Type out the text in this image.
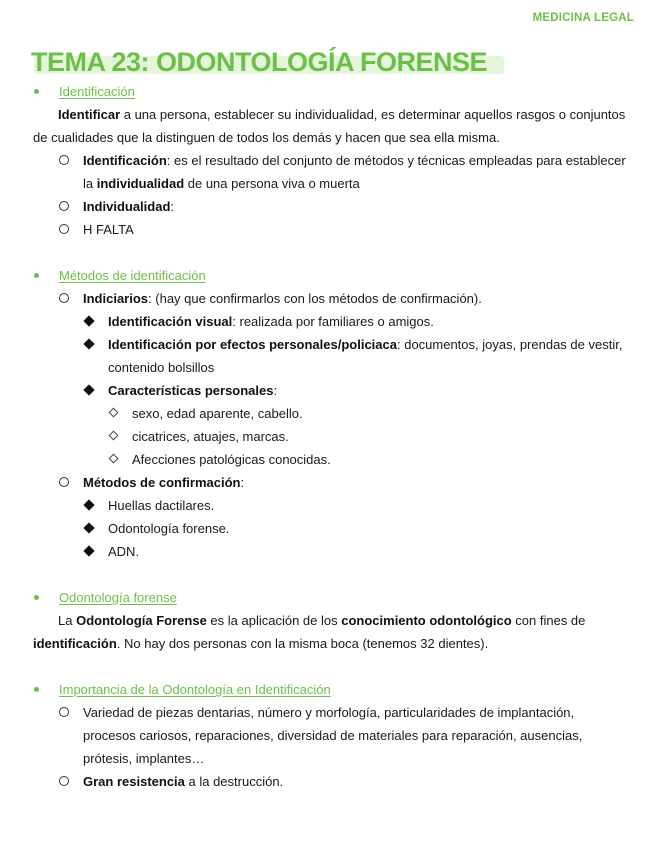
MEDICINA LEGAL
TEMA 23: ODONTOLOGÍA FORENSE
Identificación
Identificar a una persona, establecer su individualidad, es determinar aquellos rasgos o conjuntos de cualidades que la distinguen de todos los demás y hacen que sea ella misma.
Identificación: es el resultado del conjunto de métodos y técnicas empleadas para establecer la individualidad de una persona viva o muerta
Individualidad:
H FALTA
Métodos de identificación
Indiciarios: (hay que confirmarlos con los métodos de confirmación).
Identificación visual: realizada por familiares o amigos.
Identificación por efectos personales/policiaca: documentos, joyas, prendas de vestir, contenido bolsillos
Características personales:
sexo, edad aparente, cabello.
cicatrices, atuajes, marcas.
Afecciones patológicas conocidas.
Métodos de confirmación:
Huellas dactilares.
Odontología forense.
ADN.
Odontología forense
La Odontología Forense es la aplicación de los conocimiento odontológico con fines de identificación. No hay dos personas con la misma boca (tenemos 32 dientes).
Importancia de la Odontología en Identificación
Variedad de piezas dentarias, número y morfología, particularidades de implantación, procesos cariosos, reparaciones, diversidad de materiales para reparación, ausencias, prótesis, implantes…
Gran resistencia a la destrucción.
